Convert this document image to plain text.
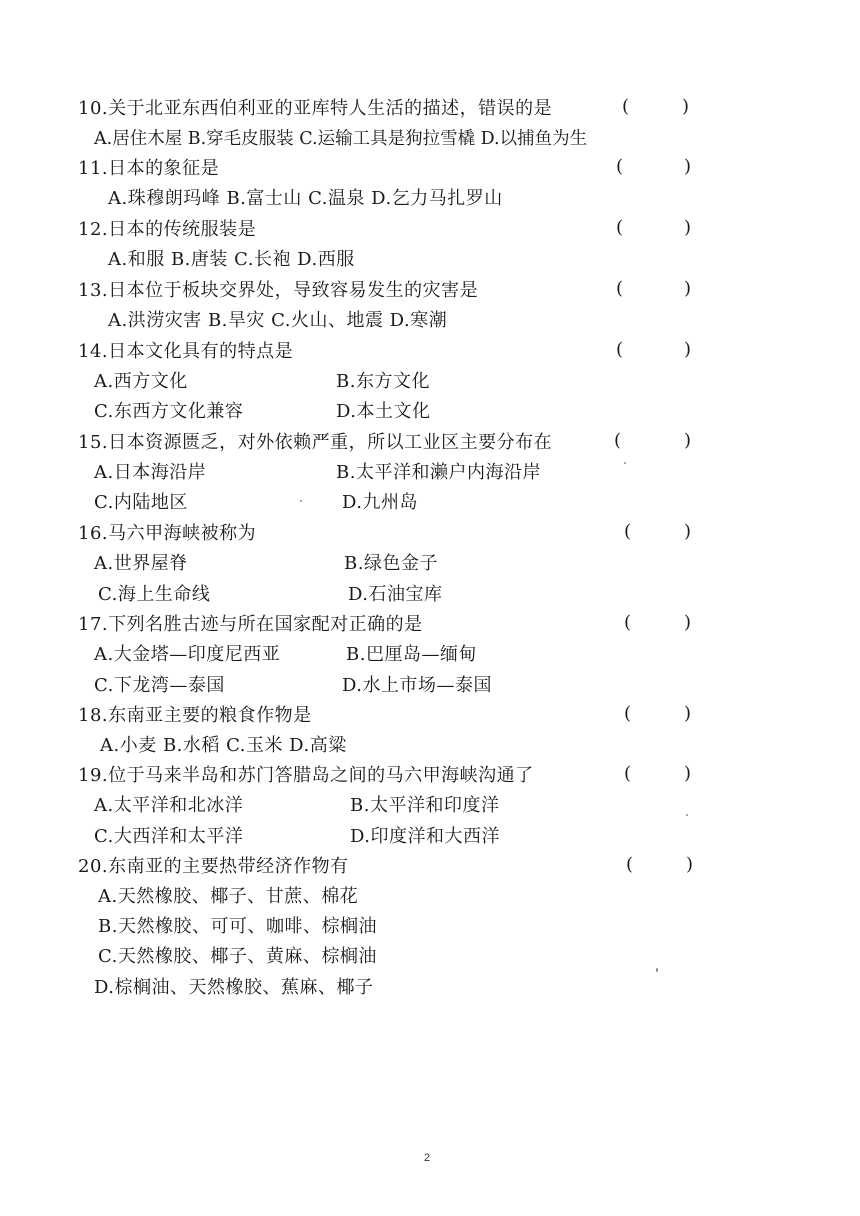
10.关于北亚东西伯利亚的亚库特人生活的描述，错误的是	(	)
A.居住木屋 B.穿毛皮服装 C.运输工具是狗拉雪橇 D.以捕鱼为生
11.日本的象征是	(	)
A.珠穆朗玛峰 B.富士山 C.温泉 D.乞力马扎罗山
12.日本的传统服装是	(	)
A.和服 B.唐装 C.长袍 D.西服
13.日本位于板块交界处，导致容易发生的灾害是	(	)
A.洪涝灾害 B.旱灾 C.火山、地震 D.寒潮
14.日本文化具有的特点是	(	)
A.西方文化	B.东方文化
C.东西方文化兼容	D.本土文化
15.日本资源匮乏，对外依赖严重，所以工业区主要分布在	(	)
A.日本海沿岸	B.太平洋和濑户内海沿岸
C.内陆地区	D.九州岛
16.马六甲海峡被称为	(	)
A.世界屋脊	B.绿色金子
C.海上生命线	D.石油宝库
17.下列名胜古迹与所在国家配对正确的是	(	)
A.大金塔—印度尼西亚	B.巴厘岛—缅甸
C.下龙湾—泰国	D.水上市场—泰国
18.东南亚主要的粮食作物是	(	)
A.小麦 B.水稻 C.玉米 D.高粱
19.位于马来半岛和苏门答腊岛之间的马六甲海峡沟通了	(	)
A.太平洋和北冰洋	B.太平洋和印度洋
C.大西洋和太平洋	D.印度洋和大西洋
20.东南亚的主要热带经济作物有	(	)
A.天然橡胶、椰子、甘蔗、棉花
B.天然橡胶、可可、咖啡、棕榈油
C.天然橡胶、椰子、黄麻、棕榈油
D.棕榈油、天然橡胶、蕉麻、椰子
2
